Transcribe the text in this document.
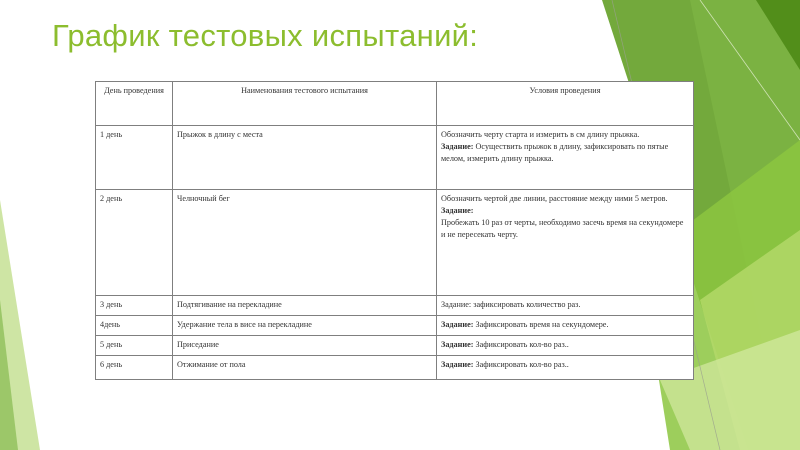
График тестовых испытаний:
День проведения	Наименования тестового испытания	Условия проведения
1 день	Прыжок в длину с места	Обозначить черту старта и измерить в см длину прыжка.
Задание: Осуществить прыжок в длину, зафиксировать по пятые мелом, измерить длину прыжка.
2 день	Челночный бег	Обозначить чертой две линии, расстояние между ними 5 метров.
Задание:
Пробежать 10 раз от черты, необходимо засечь время на секундомере и не пересекать черту.
3 день	Подтягивание на перекладине	Задание: зафиксировать количество раз.
4день	Удержание тела в висе на перекладине	Задание: Зафиксировать время на секундомере.
5 день	Приседание	Задание: Зафиксировать кол-во раз..
6 день	Отжимание от пола	Задание: Зафиксировать кол-во раз..
